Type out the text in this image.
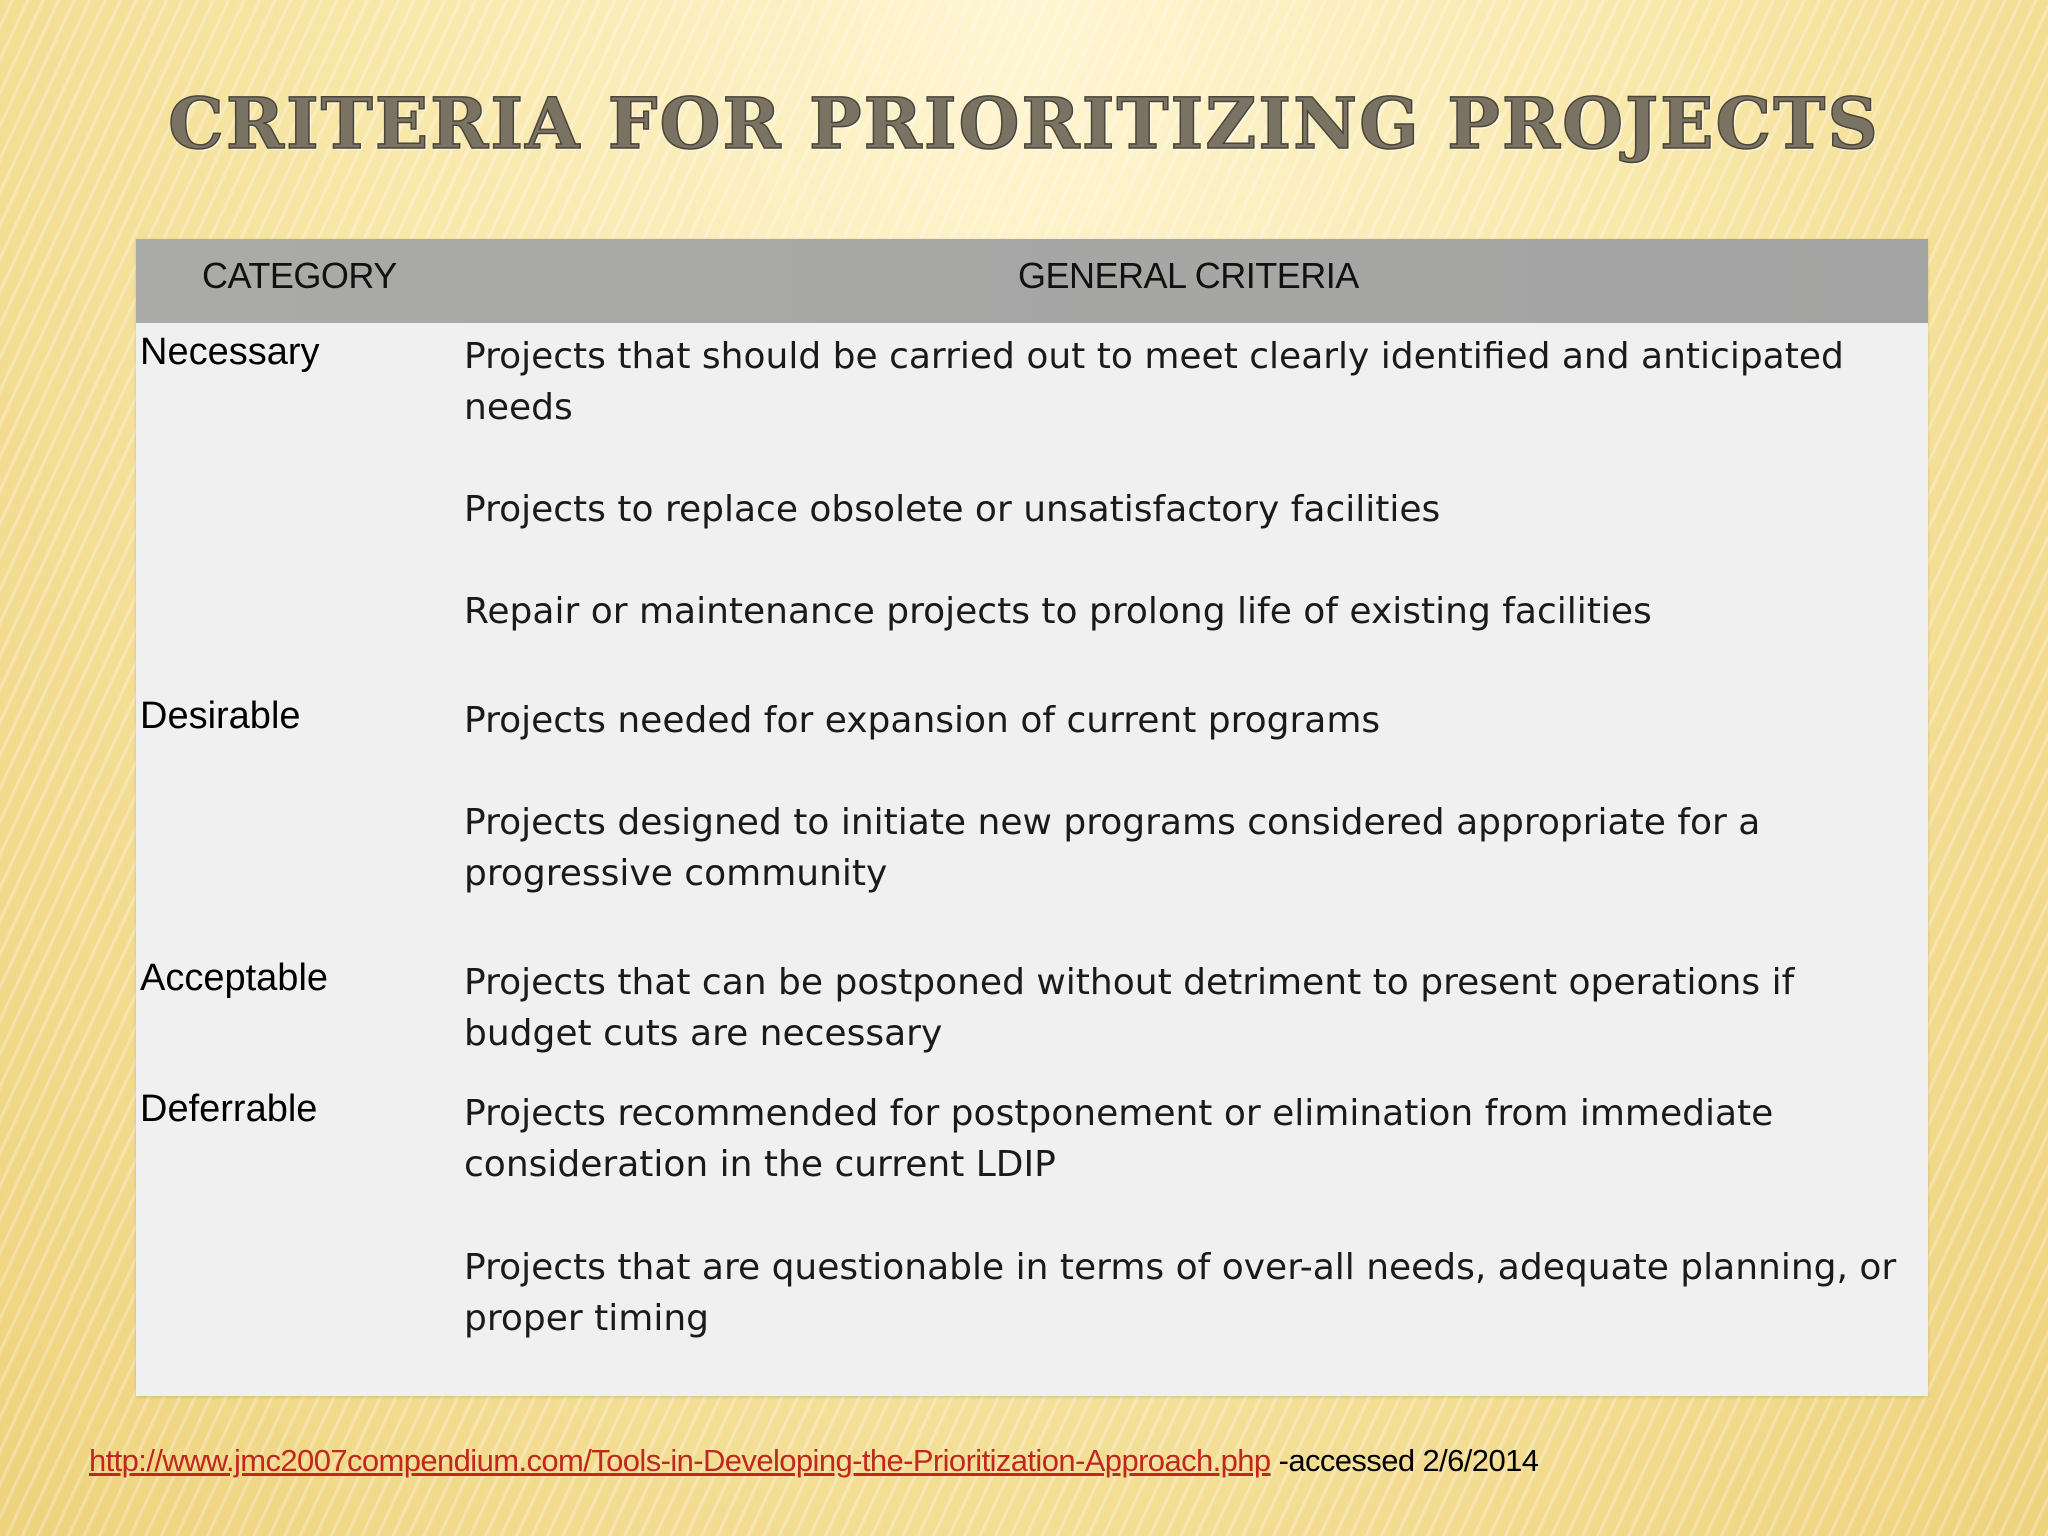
CRITERIA FOR PRIORITIZING PROJECTS
CATEGORY	GENERAL CRITERIA
Necessary	Projects that should be carried out to meet clearly identified and anticipated needs
Projects to replace obsolete or unsatisfactory facilities
Repair or maintenance projects to prolong life of existing facilities
Desirable	Projects needed for expansion of current programs
Projects designed to initiate new programs considered appropriate for a progressive community
Acceptable	Projects that can be postponed without detriment to present operations if budget cuts are necessary
Deferrable	Projects recommended for postponement or elimination from immediate consideration in the current LDIP
Projects that are questionable in terms of over-all needs, adequate planning, or proper timing
http://www.jmc2007compendium.com/Tools-in-Developing-the-Prioritization-Approach.php -accessed 2/6/2014
